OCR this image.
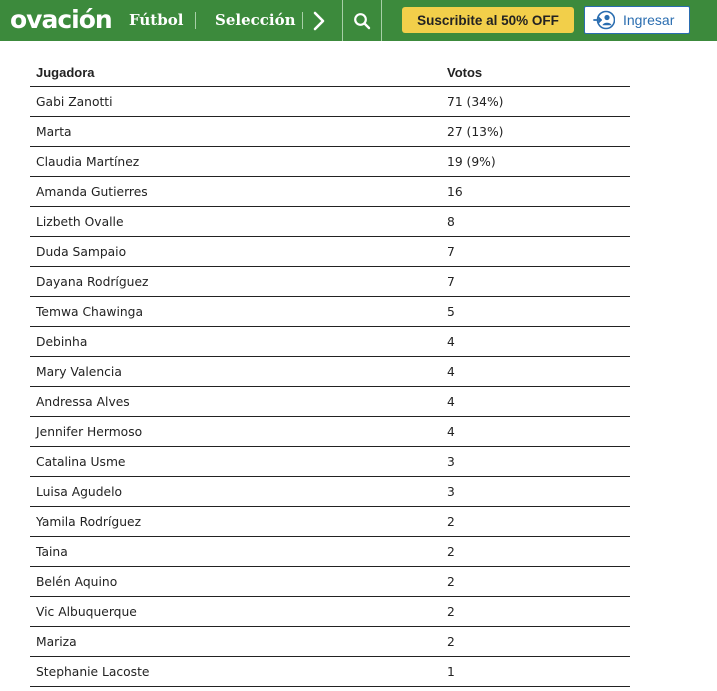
ovación Fútbol Selección	Suscribite al 50% OFF	Ingresar
Jugadora	Votos
Gabi Zanotti	71 (34%)
Marta	27 (13%)
Claudia Martínez	19 (9%)
Amanda Gutierres	16
Lizbeth Ovalle	8
Duda Sampaio	7
Dayana Rodríguez	7
Temwa Chawinga	5
Debinha	4
Mary Valencia	4
Andressa Alves	4
Jennifer Hermoso	4
Catalina Usme	3
Luisa Agudelo	3
Yamila Rodríguez	2
Taina	2
Belén Aquino	2
Vic Albuquerque	2
Mariza	2
Stephanie Lacoste	1
